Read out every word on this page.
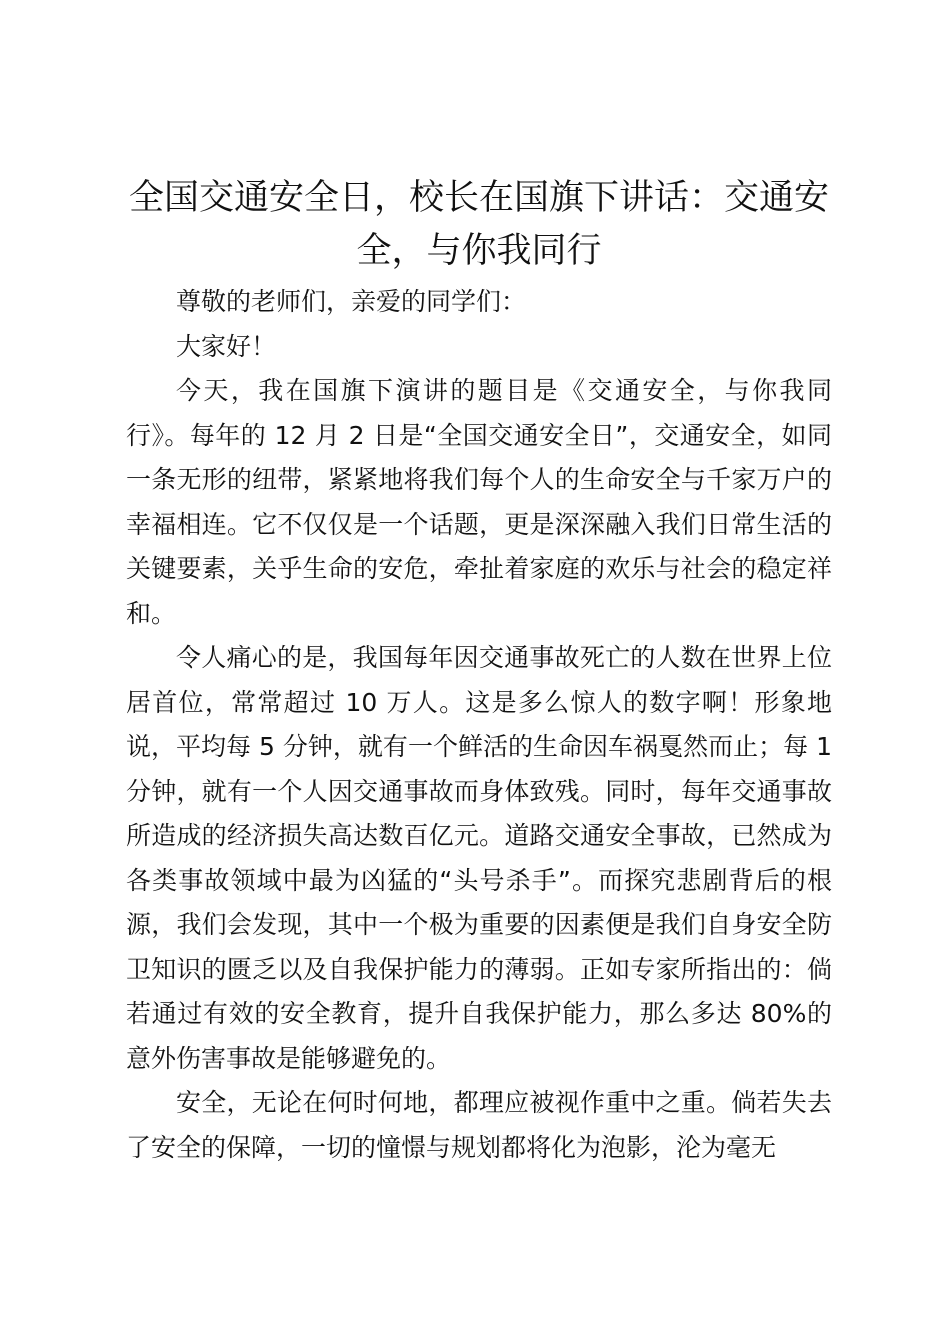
全国交通安全日，校长在国旗下讲话：交通安全，与你我同行

尊敬的老师们，亲爱的同学们：

大家好！

今天，我在国旗下演讲的题目是《交通安全，与你我同行》。每年的 12 月 2 日是“全国交通安全日”，交通安全，如同一条无形的纽带，紧紧地将我们每个人的生命安全与千家万户的幸福相连。它不仅仅是一个话题，更是深深融入我们日常生活的关键要素，关乎生命的安危，牵扯着家庭的欢乐与社会的稳定祥和。

令人痛心的是，我国每年因交通事故死亡的人数在世界上位居首位，常常超过 10 万人。这是多么惊人的数字啊！形象地说，平均每 5 分钟，就有一个鲜活的生命因车祸戛然而止；每 1 分钟，就有一个人因交通事故而身体致残。同时，每年交通事故所造成的经济损失高达数百亿元。道路交通安全事故，已然成为各类事故领域中最为凶猛的“头号杀手”。而探究悲剧背后的根源，我们会发现，其中一个极为重要的因素便是我们自身安全防卫知识的匮乏以及自我保护能力的薄弱。正如专家所指出的：倘若通过有效的安全教育，提升自我保护能力，那么多达 80%的意外伤害事故是能够避免的。

安全，无论在何时何地，都理应被视作重中之重。倘若失去了安全的保障，一切的憧憬与规划都将化为泡影，沦为毫无
